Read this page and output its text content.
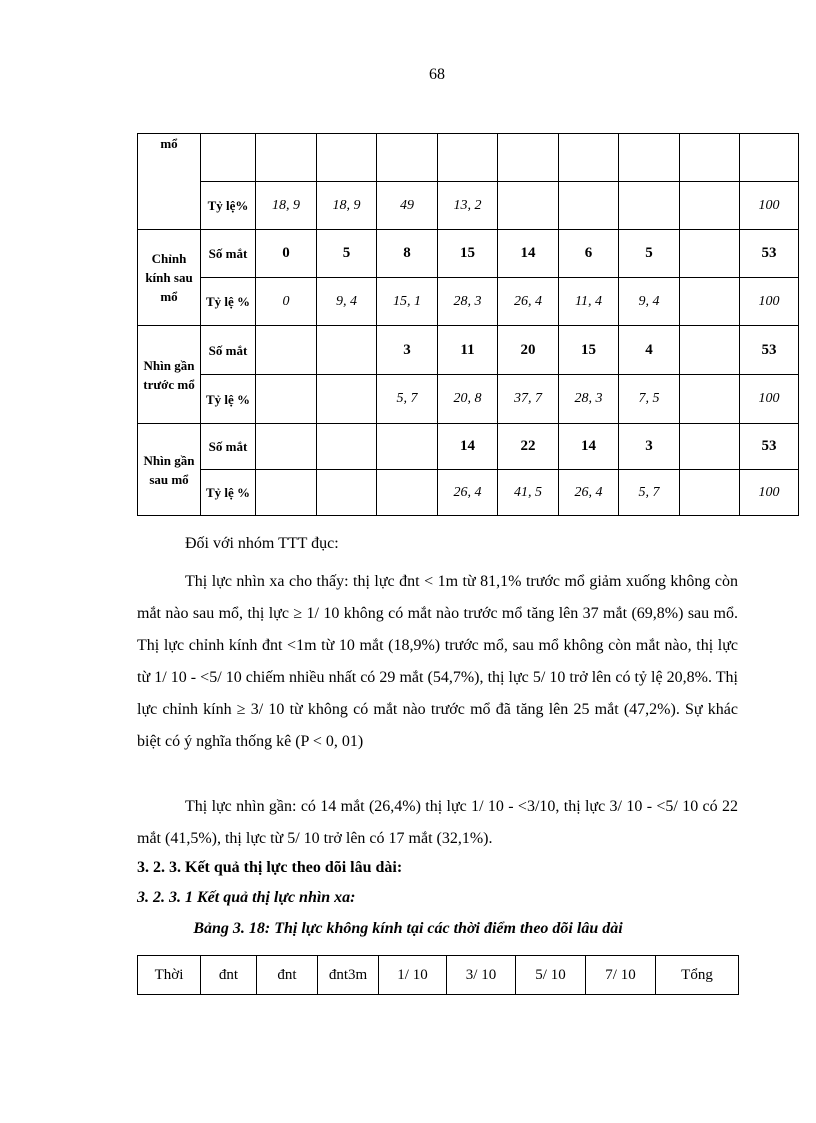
68
mổ										
	Tỷ lệ%	18, 9	18, 9	49	13, 2					100
Chỉnh kính sau mổ	Số mắt	0	5	8	15	14	6	5		53
	Tỷ lệ %	0	9, 4	15, 1	28, 3	26, 4	11, 4	9, 4		100
Nhìn gần trước mổ	Số mắt			3	11	20	15	4		53
	Tỷ lệ %			5, 7	20, 8	37, 7	28, 3	7, 5		100
Nhìn gần sau mổ	Số mắt				14	22	14	3		53
	Tỷ lệ %				26, 4	41, 5	26, 4	5, 7		100

Đối với nhóm TTT đục:

Thị lực nhìn xa cho thấy: thị lực đnt < 1m từ 81,1% trước mổ giảm xuống không còn mắt nào sau mổ, thị lực ≥ 1/ 10 không có mắt nào trước mổ tăng lên 37 mắt (69,8%) sau mổ. Thị lực chỉnh kính đnt <1m từ 10 mắt (18,9%) trước mổ, sau mổ không còn mắt nào, thị lực từ 1/ 10 - <5/ 10 chiếm nhiều nhất có 29 mắt (54,7%), thị lực 5/ 10 trở lên có tỷ lệ 20,8%. Thị lực chỉnh kính ≥ 3/ 10 từ không có mắt nào trước mổ đã tăng lên 25 mắt (47,2%). Sự khác biệt có ý nghĩa thống kê (P < 0, 01)

Thị lực nhìn gần: có 14 mắt (26,4%) thị lực 1/ 10 - <3/10, thị lực 3/ 10 - <5/ 10 có 22 mắt (41,5%), thị lực từ 5/ 10 trở lên có 17 mắt (32,1%).

3. 2. 3. Kết quả thị lực theo dõi lâu dài:

3. 2. 3. 1 Kết quả thị lực nhìn xa:

Bảng 3. 18: Thị lực không kính tại các thời điểm theo dõi lâu dài

Thời	đnt	đnt	đnt3m	1/ 10	3/ 10	5/ 10	7/ 10	Tổng
